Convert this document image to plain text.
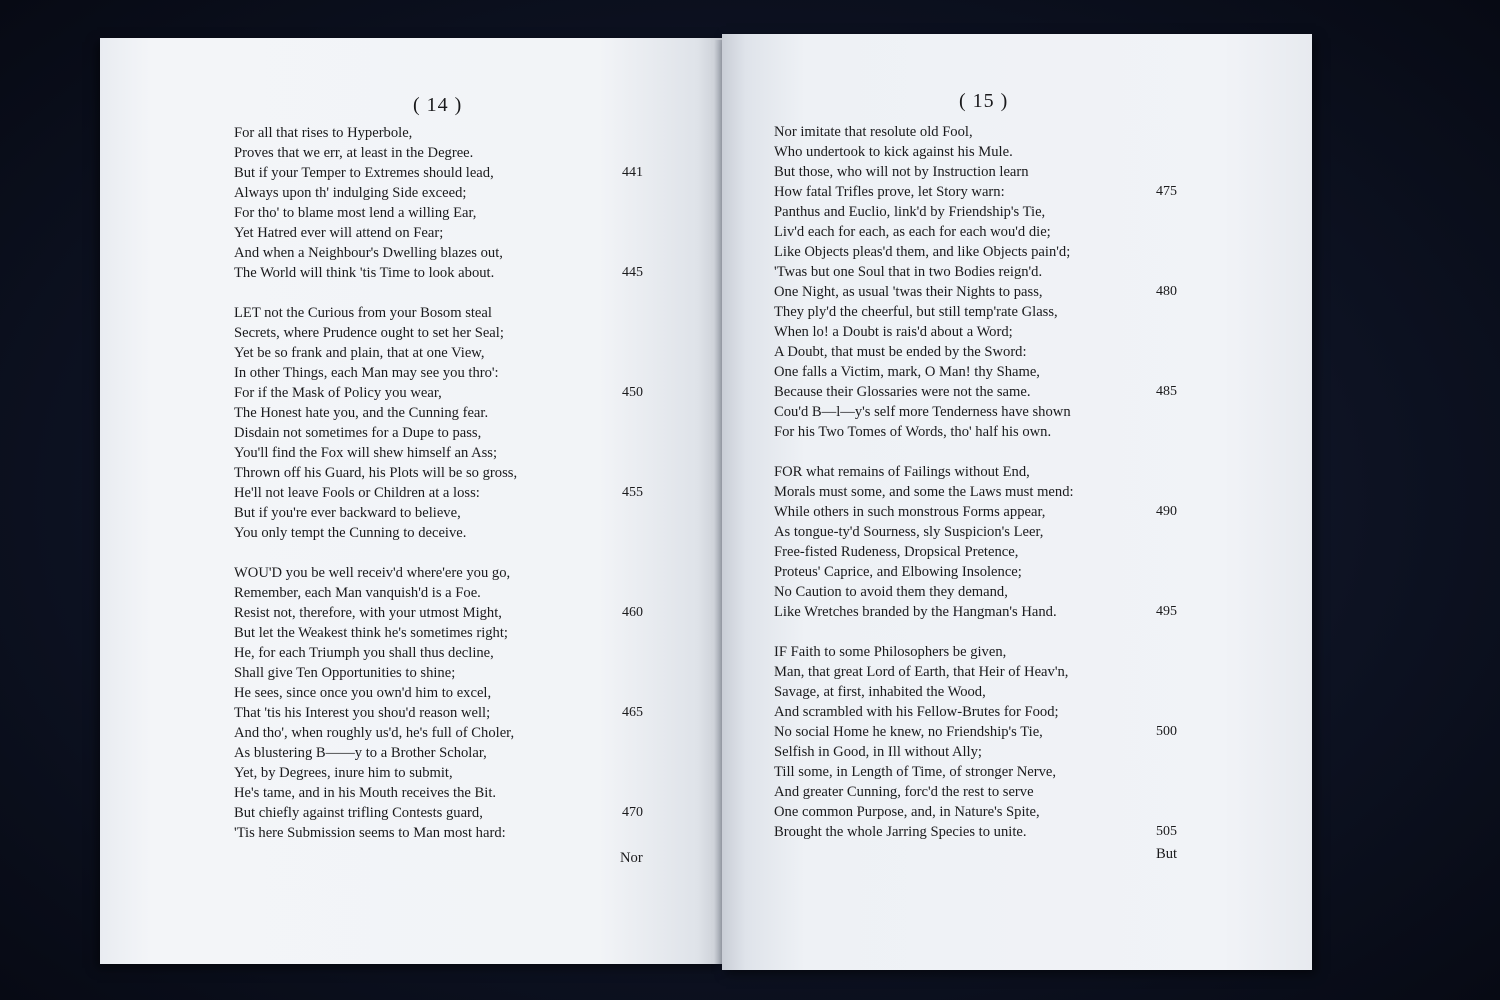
( 14 )
For all that rises to Hyperbole,
Proves that we err, at least in the Degree.
But if your Temper to Extremes should lead,	441
Always upon th' indulging Side exceed;
For tho' to blame most lend a willing Ear,
Yet Hatred ever will attend on Fear;
And when a Neighbour's Dwelling blazes out,
The World will think 'tis Time to look about.	445
LET not the Curious from your Bosom steal
Secrets, where Prudence ought to set her Seal;
Yet be so frank and plain, that at one View,
In other Things, each Man may see you thro':
For if the Mask of Policy you wear,	450
The Honest hate you, and the Cunning fear.
Disdain not sometimes for a Dupe to pass,
You'll find the Fox will shew himself an Ass;
Thrown off his Guard, his Plots will be so gross,
He'll not leave Fools or Children at a loss:	455
But if you're ever backward to believe,
You only tempt the Cunning to deceive.
WOU'D you be well receiv'd where'ere you go,
Remember, each Man vanquish'd is a Foe.
Resist not, therefore, with your utmost Might,	460
But let the Weakest think he's sometimes right;
He, for each Triumph you shall thus decline,
Shall give Ten Opportunities to shine;
He sees, since once you own'd him to excel,
That 'tis his Interest you shou'd reason well;	465
And tho', when roughly us'd, he's full of Choler,
As blustering B——y to a Brother Scholar,
Yet, by Degrees, inure him to submit,
He's tame, and in his Mouth receives the Bit.
But chiefly against trifling Contests guard,	470
'Tis here Submission seems to Man most hard:
Nor
( 15 )
Nor imitate that resolute old Fool,
Who undertook to kick against his Mule.
But those, who will not by Instruction learn
How fatal Trifles prove, let Story warn:	475
Panthus and Euclio, link'd by Friendship's Tie,
Liv'd each for each, as each for each wou'd die;
Like Objects pleas'd them, and like Objects pain'd;
'Twas but one Soul that in two Bodies reign'd.
One Night, as usual 'twas their Nights to pass,	480
They ply'd the cheerful, but still temp'rate Glass,
When lo! a Doubt is rais'd about a Word;
A Doubt, that must be ended by the Sword:
One falls a Victim, mark, O Man! thy Shame,
Because their Glossaries were not the same.	485
Cou'd B—l—y's self more Tenderness have shown
For his Two Tomes of Words, tho' half his own.
FOR what remains of Failings without End,
Morals must some, and some the Laws must mend:
While others in such monstrous Forms appear,	490
As tongue-ty'd Sourness, sly Suspicion's Leer,
Free-fisted Rudeness, Dropsical Pretence,
Proteus' Caprice, and Elbowing Insolence;
No Caution to avoid them they demand,
Like Wretches branded by the Hangman's Hand.	495
IF Faith to some Philosophers be given,
Man, that great Lord of Earth, that Heir of Heav'n,
Savage, at first, inhabited the Wood,
And scrambled with his Fellow-Brutes for Food;
No social Home he knew, no Friendship's Tie,	500
Selfish in Good, in Ill without Ally;
Till some, in Length of Time, of stronger Nerve,
And greater Cunning, forc'd the rest to serve
One common Purpose, and, in Nature's Spite,
Brought the whole Jarring Species to unite.	505
But
